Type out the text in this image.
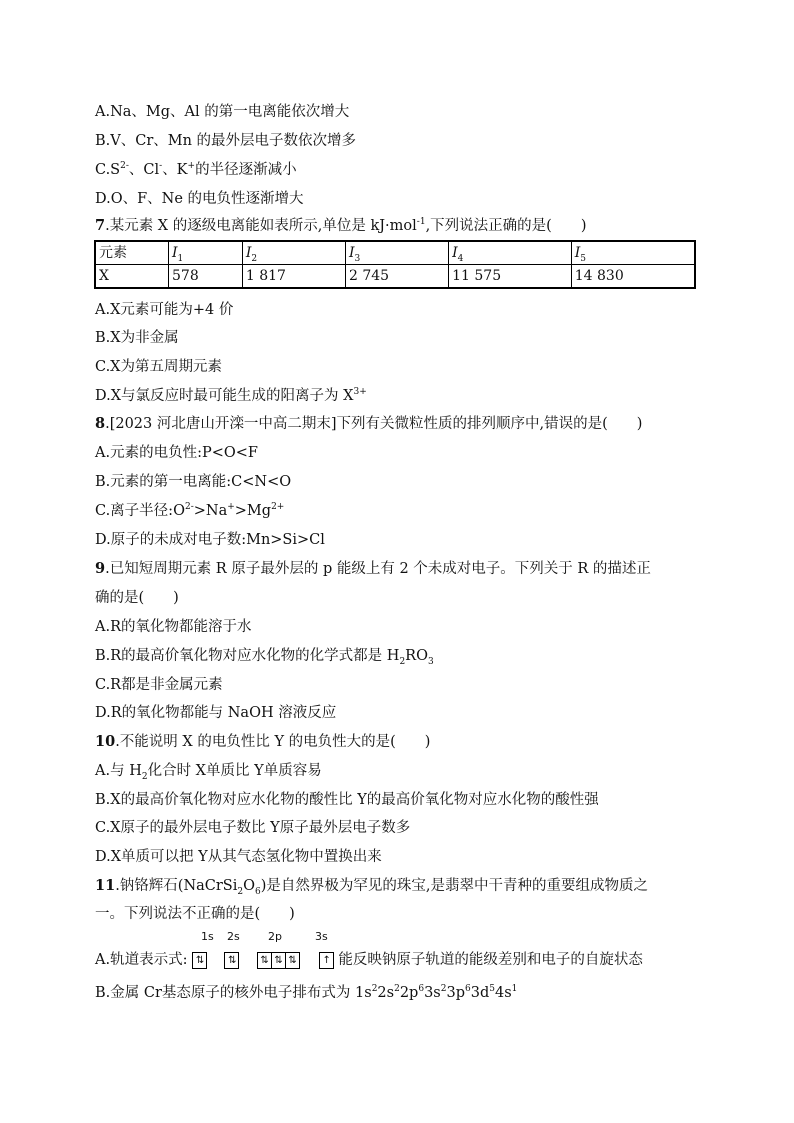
A.Na、Mg、Al 的第一电离能依次增大
B.V、Cr、Mn 的最外层电子数依次增多
$C.S^{2-}$、Cl-、K+的半径逐渐减小
D.O、F、Ne 的电负性逐渐增大
7.某元素 X 的逐级电离能如表所示,单位是 kJ·mol$^{-1}$,下列说法正确的是(　　)
元素	$I_1$	$I_2$	$I_3$	$I_4$	$I_5$
X	578	1 817	2 745	11 575	14 830
A.X元素可能为+4 价
B.X为非金属
C.X为第五周期元素
D.X与氯反应时最可能生成的阳离子为 $X^{3+}$
8.[2023 河北唐山开滦一中高二期末]下列有关微粒性质的排列顺序中,错误的是(　　)
A.元素的电负性:P<O<F
B.元素的第一电离能:C<N<O
C.离子半径$:O^{2-}>Na^+>Mg^{2+}$
D.原子的未成对电子数:Mn>Si>Cl
9.已知短周期元素 R 原子最外层的 p 能级上有 2 个未成对电子。下列关于 R 的描述正
确的是(　　)
A.R的氧化物都能溶于水
B.R的最高价氧化物对应水化物的化学式都是 $H_2RO_3$
C.R都是非金属元素
D.R的氧化物都能与 NaOH 溶液反应
10.不能说明 X 的电负性比 Y 的电负性大的是(　　)
A.与 $H_2$化合时 X单质比 Y单质容易
B.X的最高价氧化物对应水化物的酸性比 Y的最高价氧化物对应水化物的酸性强
C.X原子的最外层电子数比 Y原子最外层电子数多
D.X单质可以把 Y从其气态氢化物中置换出来
11.钠铬辉石$(NaCrSi_2O_6)$是自然界极为罕见的珠宝,是翡翠中干青种的重要组成物质之
一。下列说法不正确的是(　　)
1s 2s	2p	3s
A.轨道表示式: ⇅ ⇅ ⇅ ⇅ ⇅	↑ 能反映钠原子轨道的能级差别和电子的自旋状态
B.金属 Cr基态原子的核外电子排布式为 $1s^22s^22p^63s^23p^63d^54s^1$
